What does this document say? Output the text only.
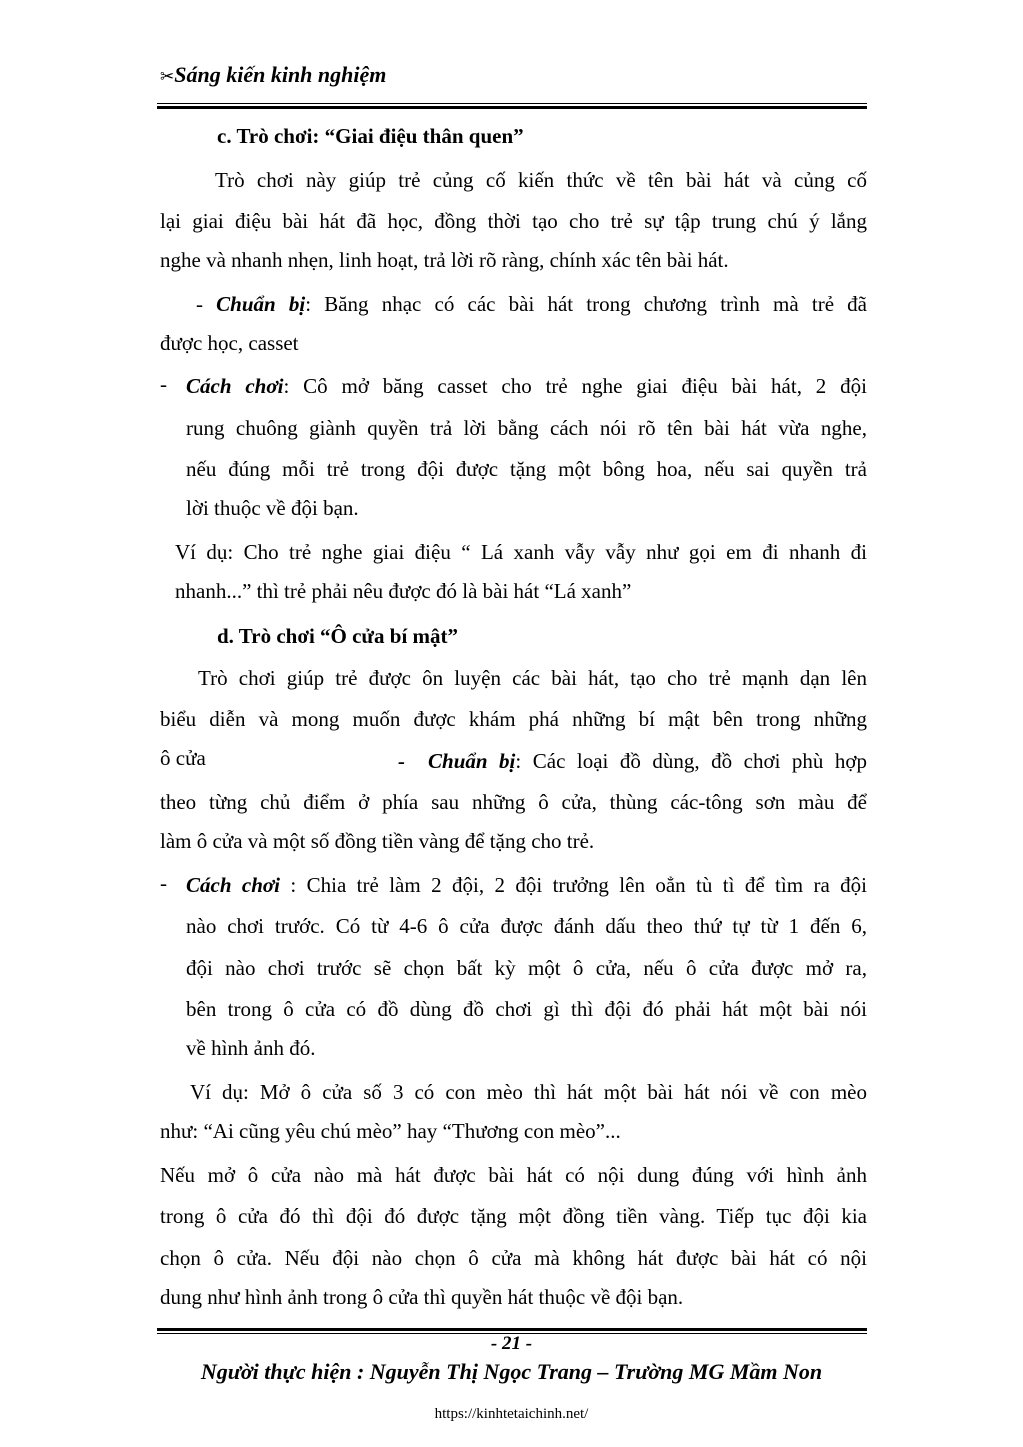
✂Sáng kiến kinh nghiệm
c. Trò chơi: “Giai điệu thân quen”
Trò chơi này giúp trẻ củng cố kiến thức về tên bài hát và củng cố
lại giai điệu bài hát đã học, đồng thời tạo cho trẻ sự tập trung chú ý lắng
nghe và nhanh nhẹn, linh hoạt, trả lời rõ ràng, chính xác tên bài hát.
- Chuẩn bị: Băng nhạc có các bài hát trong chương trình mà trẻ đã
được học, casset
- Cách chơi: Cô mở băng casset cho trẻ nghe giai điệu bài hát, 2 đội
rung chuông giành quyền trả lời bằng cách nói rõ tên bài hát vừa nghe,
nếu đúng mỗi trẻ trong đội được tặng một bông hoa, nếu sai quyền trả
lời thuộc về đội bạn.
Ví dụ: Cho trẻ nghe giai điệu “ Lá xanh vẫy vẫy như gọi em đi nhanh đi
nhanh...” thì trẻ phải nêu được đó là bài hát “Lá xanh”
d. Trò chơi “Ô cửa bí mật”
Trò chơi giúp trẻ được ôn luyện các bài hát, tạo cho trẻ mạnh dạn lên
biểu diễn và mong muốn được khám phá những bí mật bên trong những
ô cửa	- Chuẩn bị: Các loại đồ dùng, đồ chơi phù hợp
theo từng chủ điểm ở phía sau những ô cửa, thùng các-tông sơn màu để
làm ô cửa và một số đồng tiền vàng để tặng cho trẻ.
- Cách chơi : Chia trẻ làm 2 đội, 2 đội trưởng lên oẳn tù tì để tìm ra đội
nào chơi trước. Có từ 4-6 ô cửa được đánh dấu theo thứ tự từ 1 đến 6,
đội nào chơi trước sẽ chọn bất kỳ một ô cửa, nếu ô cửa được mở ra,
bên trong ô cửa có đồ dùng đồ chơi gì thì đội đó phải hát một bài nói
về hình ảnh đó.
Ví dụ: Mở ô cửa số 3 có con mèo thì hát một bài hát nói về con mèo
như: “Ai cũng yêu chú mèo” hay “Thương con mèo”...
Nếu mở ô cửa nào mà hát được bài hát có nội dung đúng với hình ảnh
trong ô cửa đó thì đội đó được tặng một đồng tiền vàng. Tiếp tục đội kia
chọn ô cửa. Nếu đội nào chọn ô cửa mà không hát được bài hát có nội
dung như hình ảnh trong ô cửa thì quyền hát thuộc về đội bạn.
- 21 -
Người thực hiện : Nguyễn Thị Ngọc Trang – Trường MG Mầm Non
https://kinhtetaichinh.net/
